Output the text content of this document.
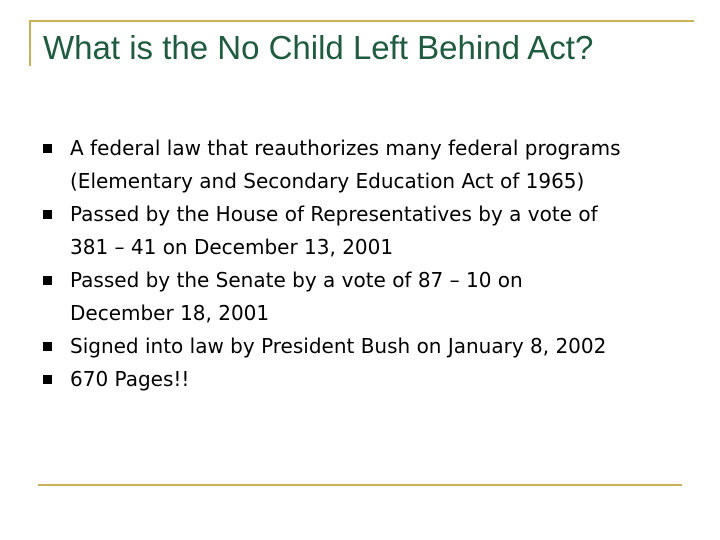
What is the No Child Left Behind Act?
A federal law that reauthorizes many federal programs
(Elementary and Secondary Education Act of 1965)
Passed by the House of Representatives by a vote of
381 – 41 on December 13, 2001
Passed by the Senate by a vote of 87 – 10 on
December 18, 2001
Signed into law by President Bush on January 8, 2002
670 Pages!!
